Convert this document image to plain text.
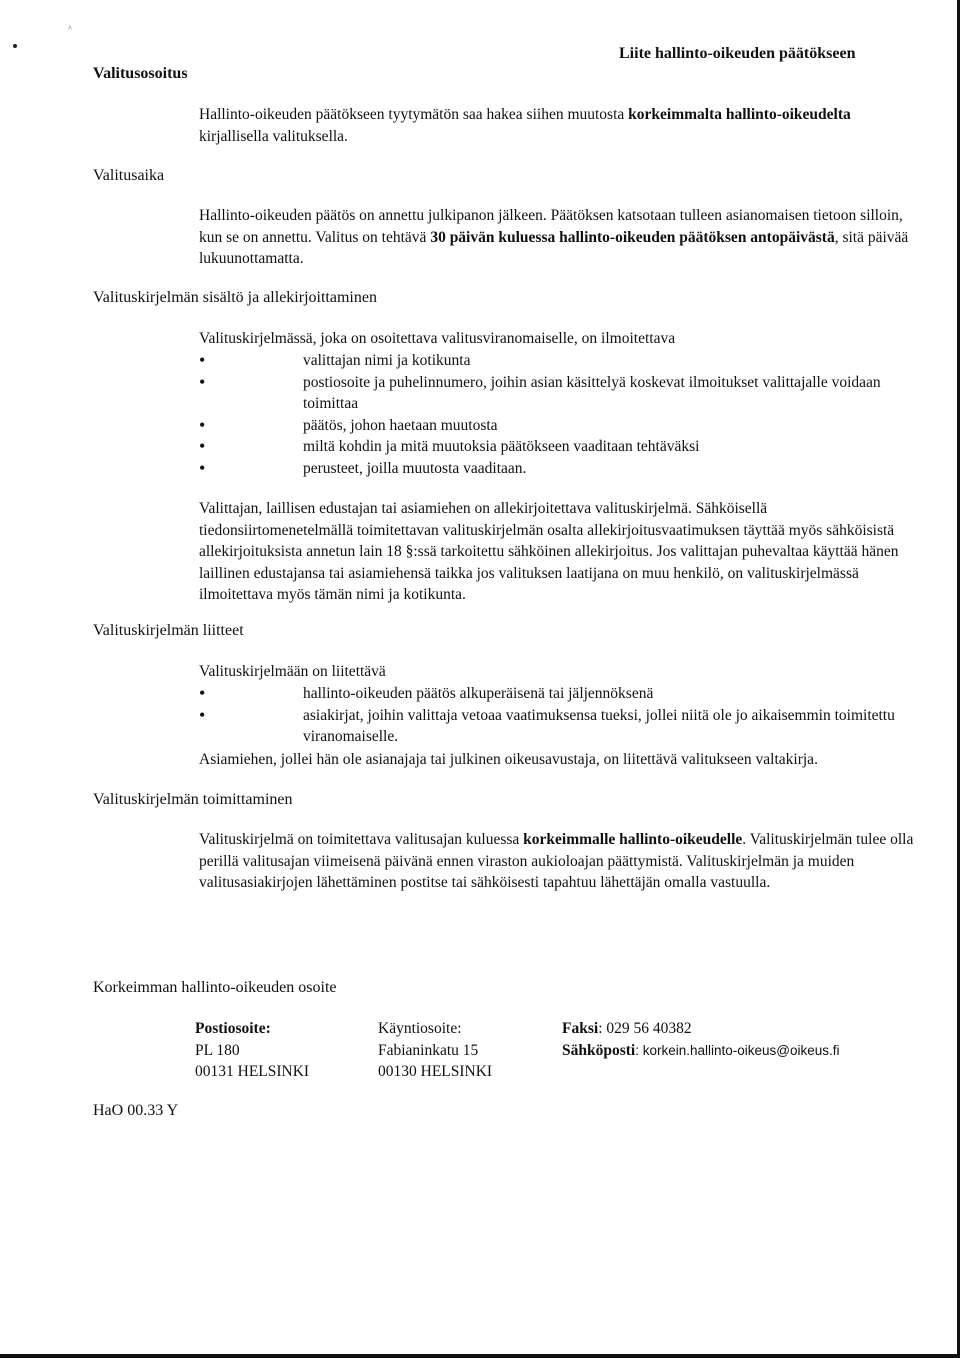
^
Valitusosoitus
Liite hallinto-oikeuden päätökseen

Hallinto-oikeuden päätökseen tyytymätön saa hakea siihen muutosta korkeimmalta hallinto-oikeudelta kirjallisella valituksella.

Valitusaika

Hallinto-oikeuden päätös on annettu julkipanon jälkeen. Päätöksen katsotaan tulleen asianomaisen tietoon silloin, kun se on annettu. Valitus on tehtävä 30 päivän kuluessa hallinto-oikeuden päätöksen antopäivästä, sitä päivää lukuunottamatta.

Valituskirjelmän sisältö ja allekirjoittaminen
Valituskirjelmässä, joka on osoitettava valitusviranomaiselle, on ilmoitettava
• valittajan nimi ja kotikunta
• postiosoite ja puhelinnumero, joihin asian käsittelyä koskevat ilmoitukset valittajalle voidaan toimittaa
• päätös, johon haetaan muutosta
• miltä kohdin ja mitä muutoksia päätökseen vaaditaan tehtäväksi
• perusteet, joilla muutosta vaaditaan.
Valittajan, laillisen edustajan tai asiamiehen on allekirjoitettava valituskirjelmä. Sähköisellä tiedonsiirtomenetelmällä toimitettavan valituskirjelmän osalta allekirjoitusvaatimuksen täyttää myös sähköisistä allekirjoituksista annetun lain 18 §:ssä tarkoitettu sähköinen allekirjoitus. Jos valittajan puhevaltaa käyttää hänen laillinen edustajansa tai asiamiehensä taikka jos valituksen laatijana on muu henkilö, on valituskirjelmässä ilmoitettava myös tämän nimi ja kotikunta.
Valituskirjelmän liitteet
Valituskirjelmään on liitettävä
• hallinto-oikeuden päätös alkuperäisenä tai jäljennöksenä
• asiakirjat, joihin valittaja vetoaa vaatimuksensa tueksi, jollei niitä ole jo aikaisemmin toimitettu viranomaiselle.
Asiamiehen, jollei hän ole asianajaja tai julkinen oikeusavustaja, on liitettävä valitukseen valtakirja.
Valituskirjelmän toimittaminen

Valituskirjelmä on toimitettava valitusajan kuluessa korkeimmalle hallinto-oikeudelle. Valituskirjelmän tulee olla perillä valitusajan viimeisenä päivänä ennen viraston aukioloajan päättymistä. Valituskirjelmän ja muiden valitusasiakirjojen lähettäminen postitse tai sähköisesti tapahtuu lähettäjän omalla vastuulla.

Korkeimman hallinto-oikeuden osoite
Postiosoite:
PL 180
00131 HELSINKI
Käyntiosoite:
Fabianinkatu 15
00130 HELSINKI
Faksi: 029 56 40382
Sähköposti: korkein.hallinto-oikeus@oikeus.fi
HaO 00.33 Y
